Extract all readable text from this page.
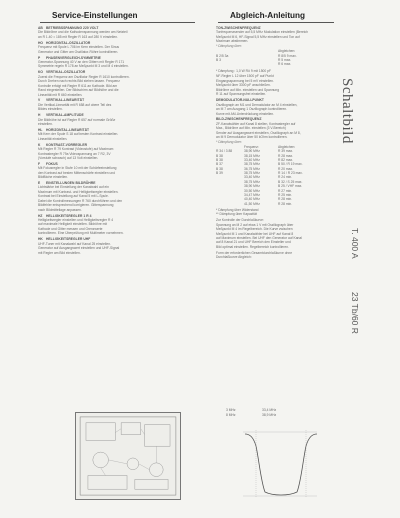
Service-Einstellungen	Abgleich-Anleitung
AB BETRIEBSSPANNUNG 220 VOLT
Die Bildröhre und die Kathodenspannung werden am Netzteil
an R 1.40 = 185 mit Regler R 163 auf 280 V einstellen.
HO HORIZONTAL-OSZILLATOR
Frequenz mit Spule L 706 im Kern einstellen. Der Sinus
Generator und Gitter am Oszillator-Röhre kontrollieren.
P PHASENVERGLEICH-SYMMETRIE
Generator-Spannung 40 V an den Gittern mit Regler R 171
Symmetrie regeln R 178 an Meßpunkt M 3 und M 4 einstellen.
KO VERTIKAL-OSZILLATOR
Zuerst die Frequenz am Oszillator Regler R 1610 kontrollieren.
Durch Drehen nach rechts Bild stehen lassen. Frequenz
Kontrolle erfolgt mit Regler R 611 an Kathode. Bild am
Rand eingestellen. Der Bildschirm auf Bildhöhe und die
Linearität mit R 660 einstellen.
V VERTIKAL-LINEARITÄT
Die Vertikal-Linearität mit R 658 auf obere Teil des
Bildes einstellen.
H VERTIKAL-AMPLITUDE
Die Bildhöhe ist auf Regler R 657 auf normale Größe
einstellen.
HL HORIZONTAL-LINEARITÄT
Mit Kern der Spule S 18 auf besten Kontrast einstellen.
Linearität einstellen.
K KONTRAST-VORREGLER
Mit Regler R 79 Kontrast (Videostufe) auf Maximum
Kontrastregler R 79a Videospannung an 7 R2, 3V
(Vorstufe schwach) auf 13 Volt einstellen.
F FOKUS
Mit Fokusregler in Stufe 10 mit der Schärfeeinstellung
den Kontrast auf besten Mittenschärfe einstellen und
Bildfläche einstellen.
E EINSTELLUNGEN BILDRÖHRE
Lichtstärke bei Einstellung der Kanalwahl auf ein
Maximum mit Kontrast- und Helligkeitsregler einstellen.
Kontrast bei Einstellung auf Kanal 5 mit L-Spule.
Dabei die Kontrollmessungen R 760 durchführen und den
Bildfehler entsprechend korrigieren. Gitterspannung
nach Bildmittellage anpassen.
HZ HELLIGKEITSREGLER 1 R 4
Helligkeitsregler einstellen und Helligkeitsregler R 4
auf maximale Helligkeit einstellen. Bildröhre mit
Kathode und Gitter messen und Grenzwerte
kontrollieren. Eine Überprüfung mit Multimeter vornehmen.
HK HELLIGKEITSREGLER UHF
UHF-Tuner mit Kanalwahl auf Kanal 25 einstellen.
Generator auf Ausgangswert einstellen und UHF-Signal
mit Regler am Bild einstellen.
TON-ZWISCHENFREQUENZ
Tonfrequenzsender auf 5,5 MHz Modulation einstellen (Bereich
Meßpunkt M 6, HF-Signal 5,5 MHz einstellen und Ton auf
Maximum abstimmen.
* Dämpfung über:
		Abgleichen:

B 2/5 3a		R 8/5 9 max.
B 3		R 5 max.
		R 6 max.
* Dämpfung : 1,0 W Rö 9 mit 1500 pF
NF-Regler L 12 über 1500 pF auf Punkt
Eingangsspannung bei 5 mV einstellen.
Meßpunkt über 3300 pF anschließen.
Bildröhre auf Min. einstellen und Spannung
R 11 auf Spannungsfrei einstellen.
DEMODULATOR-NULLPUNKT
Oszillograph an M1 und Demodulator an M 4 einstellen,
an M 7 am Ausgang 1 Oszillograph kontrollieren.
Kurve mit AM-Unterdrückung einstellen.
BILD-ZWISCHENFREQUENZ
ZF-Kanalwähler auf Kanal 8 stellen, Kontrastregler auf
Max., Bildröhre auf Min. einstellen (3 V-Bereich)
Sender auf Ausgangswert einstellen, Oszillograph an M 8,
an M 9 Demodulator über 50 kOhm kontrollieren.
* Dämpfung über:
	Frequenz:	Abgleichen:
R 34 / 3 88	38,90 MHz	R 39 max.
B 38	38,15 MHz	R 28 max.
B 38	33,40 MHz	R 82 max.
B 37	38,75 MHz	B 50 / R 19 max.
B 38	36,75 MHz	R 20 max.
B 39	38,75 MHz	R 14 / R 23 max.
	33,40 MHz	R 24 min.
	38,75 MHz	B 32 / S 25 max.
	38,90 MHz	B 25 / VHF max.
	30,50 MHz	R 27 min.
	34,47 MHz	R 25 min.
	40,40 MHz	R 28 min.
	41,50 MHz	R 28 min.
* Dämpfung über Widerstand
** Dämpfung über Kapazität
Zur Kontrolle der Durchlaßkurve:
Spannung an M 2 auf etwa 1 V mit Oszillograph über
Meßpunkt M 4 im Regelbereich. Die Kurve zwischen
Meßpunkt M 1 und Kanalwähler bei UHF auf Kanal 8
auf Maximum einstellen. Bei UHF den Generator auf Kanal
auf 8 Kanal 21 und UHF Bereich den Einsteller und
Bild optimal einstellen. Regelbereich kontrollieren.
Form der erforderlichen Gesamtdurchlaßkurve ohne
Durchlaßkurve Abgleich:
3 MHz
8 MHz
33,4 MHz
38,9 MHz
Schaltbild
T. 400 A
23 Tb/60 R
